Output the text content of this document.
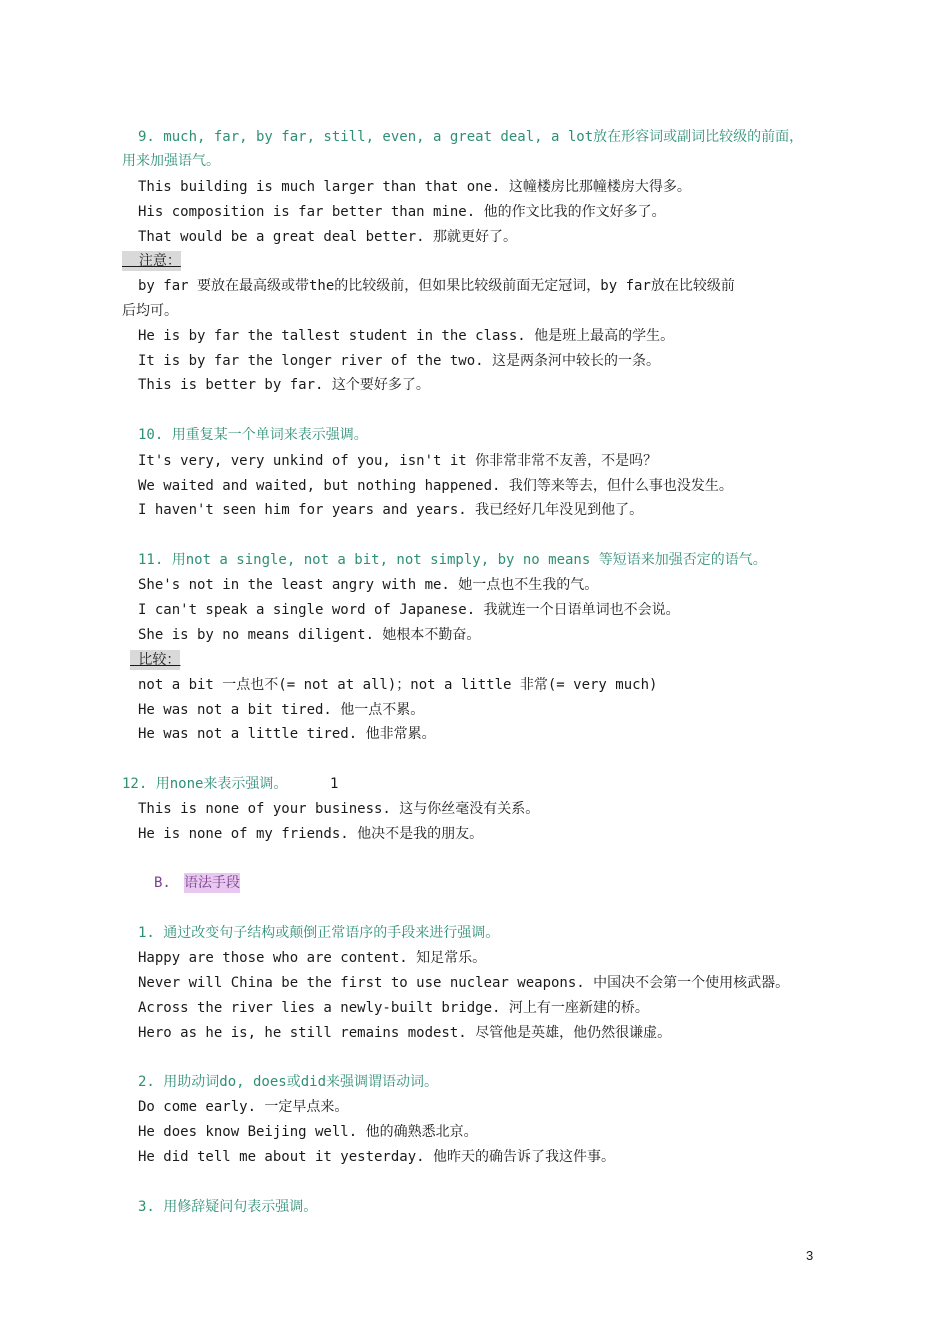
9. much, far, by far, still, even, a great deal, a lot放在形容词或副词比较级的前面，
用来加强语气。
This building is much larger than that one. 这幢楼房比那幢楼房大得多。
His composition is far better than mine. 他的作文比我的作文好多了。
That would be a great deal better. 那就更好了。
注意：
by far 要放在最高级或带the的比较级前，但如果比较级前面无定冠词，by far放在比较级前
后均可。
He is by far the tallest student in the class. 他是班上最高的学生。
It is by far the longer river of the two. 这是两条河中较长的一条。
This is better by far. 这个要好多了。
10. 用重复某一个单词来表示强调。
It's very, very unkind of you, isn't it 你非常非常不友善，不是吗？
We waited and waited, but nothing happened. 我们等来等去，但什么事也没发生。
I haven't seen him for years and years. 我已经好几年没见到他了。
11. 用not a single, not a bit, not simply, by no means 等短语来加强否定的语气。
She's not in the least angry with me. 她一点也不生我的气。
I can't speak a single word of Japanese. 我就连一个日语单词也不会说。
She is by no means diligent. 她根本不勤奋。
比较：
not a bit 一点也不(= not at all)；not a little 非常(= very much)
He was not a bit tired. 他一点不累。
He was not a little tired. 他非常累。
12. 用none来表示强调。	1
This is none of your business. 这与你丝毫没有关系。
He is none of my friends. 他决不是我的朋友。
B. 语法手段
1. 通过改变句子结构或颠倒正常语序的手段来进行强调。
Happy are those who are content. 知足常乐。
Never will China be the first to use nuclear weapons. 中国决不会第一个使用核武器。
Across the river lies a newly-built bridge. 河上有一座新建的桥。
Hero as he is, he still remains modest. 尽管他是英雄，他仍然很谦虚。
2. 用助动词do, does或did来强调谓语动词。
Do come early. 一定早点来。
He does know Beijing well. 他的确熟悉北京。
He did tell me about it yesterday. 他昨天的确告诉了我这件事。
3. 用修辞疑问句表示强调。
3
